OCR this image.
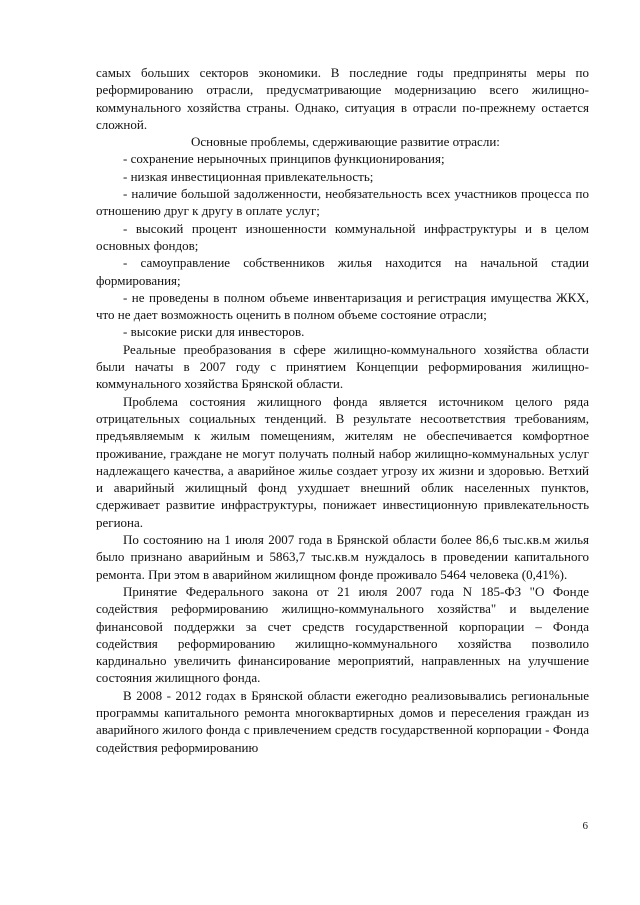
самых больших секторов экономики. В последние годы предприняты меры по реформированию отрасли, предусматривающие модернизацию всего жилищно-коммунального хозяйства страны. Однако, ситуация в отрасли по-прежнему остается сложной.

Основные проблемы, сдерживающие развитие отрасли:

- сохранение нерыночных принципов функционирования;

- низкая инвестиционная привлекательность;

- наличие большой задолженности, необязательность всех участников процесса по отношению друг к другу в оплате услуг;

- высокий процент изношенности коммунальной инфраструктуры и в целом основных фондов;

- самоуправление собственников жилья находится на начальной стадии формирования;

- не проведены в полном объеме инвентаризация и регистрация имущества ЖКХ, что не дает возможность оценить в полном объеме состояние отрасли;

- высокие риски для инвесторов.

Реальные преобразования в сфере жилищно-коммунального хозяйства области были начаты в 2007 году с принятием Концепции реформирования жилищно-коммунального хозяйства Брянской области.

Проблема состояния жилищного фонда является источником целого ряда отрицательных социальных тенденций. В результате несоответствия требованиям, предъявляемым к жилым помещениям, жителям не обеспечивается комфортное проживание, граждане не могут получать полный набор жилищно-коммунальных услуг надлежащего качества, а аварийное жилье создает угрозу их жизни и здоровью. Ветхий и аварийный жилищный фонд ухудшает внешний облик населенных пунктов, сдерживает развитие инфраструктуры, понижает инвестиционную привлекательность региона.

По состоянию на 1 июля 2007 года в Брянской области более 86,6 тыс.кв.м жилья было признано аварийным и 5863,7 тыс.кв.м нуждалось в проведении капитального ремонта. При этом в аварийном жилищном фонде проживало 5464 человека (0,41%).

Принятие Федерального закона от 21 июля 2007 года N 185-ФЗ "О Фонде содействия реформированию жилищно-коммунального хозяйства" и выделение финансовой поддержки за счет средств государственной корпорации – Фонда содействия реформированию жилищно-коммунального хозяйства позволило кардинально увеличить финансирование мероприятий, направленных на улучшение состояния жилищного фонда.

В 2008 - 2012 годах в Брянской области ежегодно реализовывались региональные программы капитального ремонта многоквартирных домов и переселения граждан из аварийного жилого фонда с привлечением средств государственной корпорации - Фонда содействия реформированию

6
